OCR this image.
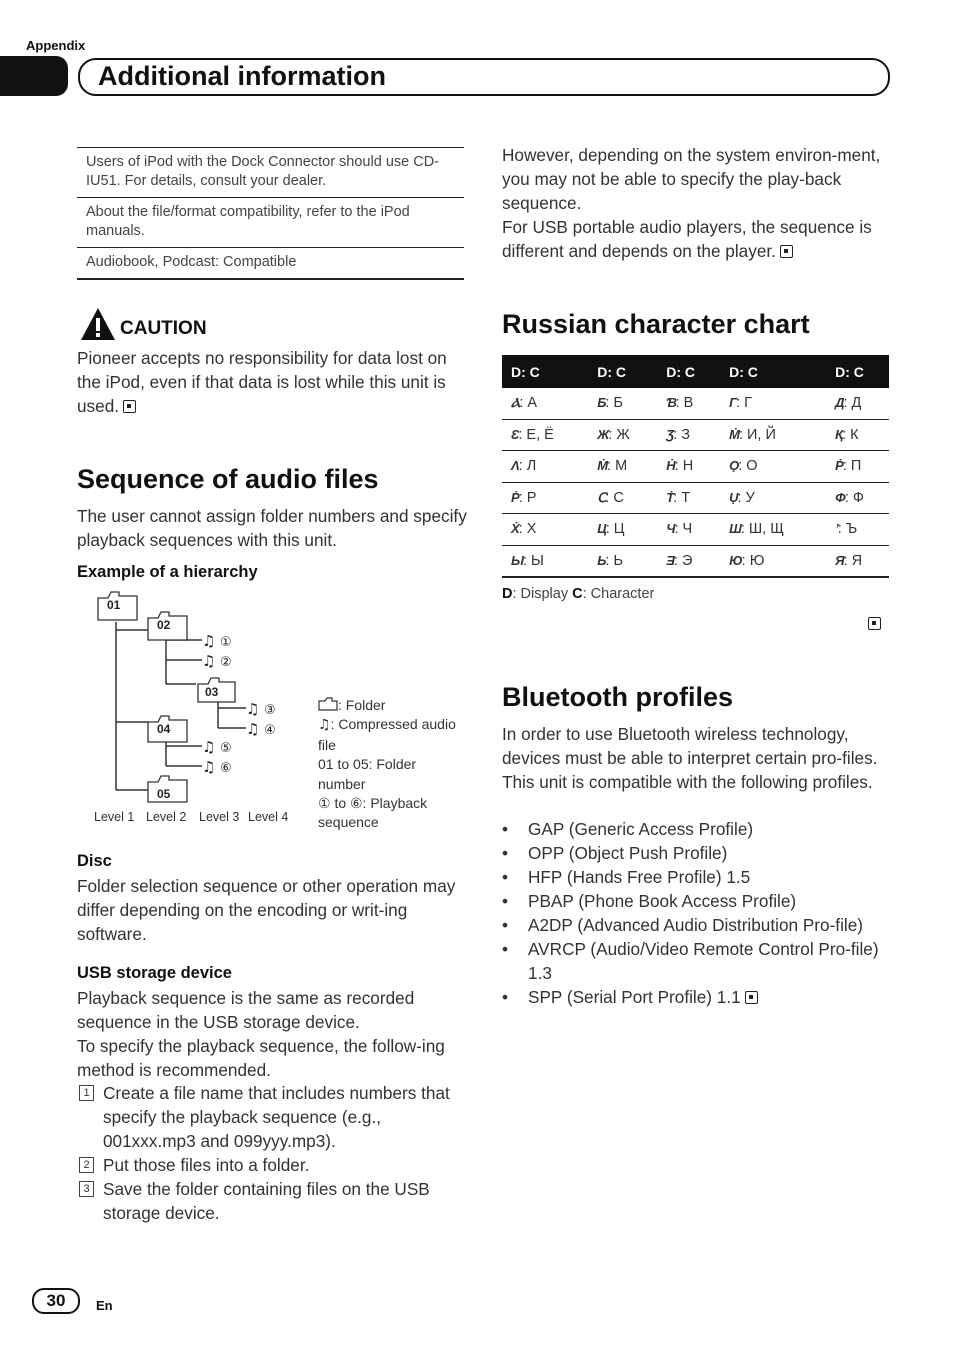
Appendix
Additional information
Users of iPod with the Dock Connector should use CD-IU51. For details, consult your dealer.
About the file/format compatibility, refer to the iPod manuals.
Audiobook, Podcast: Compatible
CAUTION
Pioneer accepts no responsibility for data lost on the iPod, even if that data is lost while this unit is used.
Sequence of audio files
The user cannot assign folder numbers and specify playback sequences with this unit.
Example of a hierarchy
01
02
03
04
05
♫
♫
♫
♫
♫
♫
①
②
③
④
⑤
⑥
Level 1 Level 2 Level 3 Level 4
: Folder
♫: Compressed audio file
01 to 05: Folder number
① to ⑥: Playback sequence
Disc
Folder selection sequence or other operation may differ depending on the encoding or writ-ing software.
USB storage device
Playback sequence is the same as recorded sequence in the USB storage device.
To specify the playback sequence, the follow-ing method is recommended.
1 Create a file name that includes numbers that specify the playback sequence (e.g., 001xxx.mp3 and 099yyy.mp3).
2 Put those files into a folder.
3 Save the folder containing files on the USB storage device.
However, depending on the system environ-ment, you may not be able to specify the play-back sequence.
For USB portable audio players, the sequence is different and depends on the player.
Russian character chart
D: C	D: C	D: C	D: C	D: C
Ⲁ: А	Б: Б	Ɓ: В	Г: Г	Д: Д
Ɛ: Е, Ё	Ж: Ж	Ʒ: З	Ṁ: И, Й	Қ: К
Λ: Л	Ṁ: М	Ḣ: Н	Ọ: О	Ṗ: П
Ṗ: Р	Ⅽ: С	Ṫ: Т	Ụ: У	Φ: Ф
Ẋ: Х	Ц: Ц	Ч: Ч	Ш: Ш, Щ	ʼ: Ъ
Ы: Ы	Ь: Ь	Ǝ: Э	Ю: Ю	Я: Я
D: Display C: Character
Bluetooth profiles
In order to use Bluetooth wireless technology, devices must be able to interpret certain pro-files. This unit is compatible with the following profiles.
• GAP (Generic Access Profile)
• OPP (Object Push Profile)
• HFP (Hands Free Profile) 1.5
• PBAP (Phone Book Access Profile)
• A2DP (Advanced Audio Distribution Pro-file)
• AVRCP (Audio/Video Remote Control Pro-file) 1.3
• SPP (Serial Port Profile) 1.1
30	En
